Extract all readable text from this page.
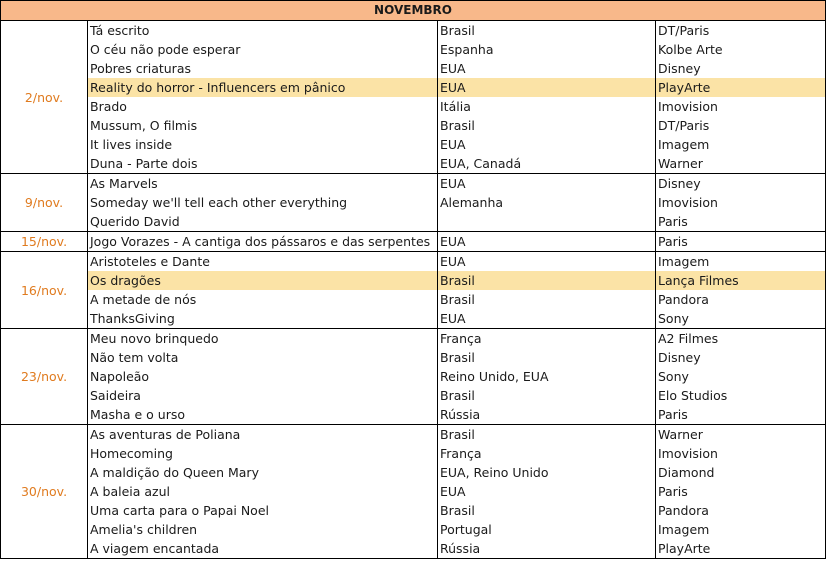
NOVEMBRO			
2/nov.	Tá escrito	Brasil	DT/Paris
	O céu não pode esperar	Espanha	Kolbe Arte
	Pobres criaturas	EUA	Disney
	Reality do horror - Influencers em pânico	EUA	PlayArte
	Brado	Itália	Imovision
	Mussum, O filmis	Brasil	DT/Paris
	It lives inside	EUA	Imagem
	Duna - Parte dois	EUA, Canadá	Warner
9/nov.	As Marvels	EUA	Disney
	Someday we'll tell each other everything	Alemanha	Imovision
	Querido David		Paris
15/nov.	Jogo Vorazes - A cantiga dos pássaros e das serpentes	EUA	Paris
16/nov.	Aristoteles e Dante	EUA	Imagem
	Os dragões	Brasil	Lança Filmes
	A metade de nós	Brasil	Pandora
	ThanksGiving	EUA	Sony
23/nov.	Meu novo brinquedo	França	A2 Filmes
	Não tem volta	Brasil	Disney
	Napoleão	Reino Unido, EUA	Sony
	Saideira	Brasil	Elo Studios
	Masha e o urso	Rússia	Paris
30/nov.	As aventuras de Poliana	Brasil	Warner
	Homecoming	França	Imovision
	A maldição do Queen Mary	EUA, Reino Unido	Diamond
	A baleia azul	EUA	Paris
	Uma carta para o Papai Noel	Brasil	Pandora
	Amelia's children	Portugal	Imagem
	A viagem encantada	Rússia	PlayArte
